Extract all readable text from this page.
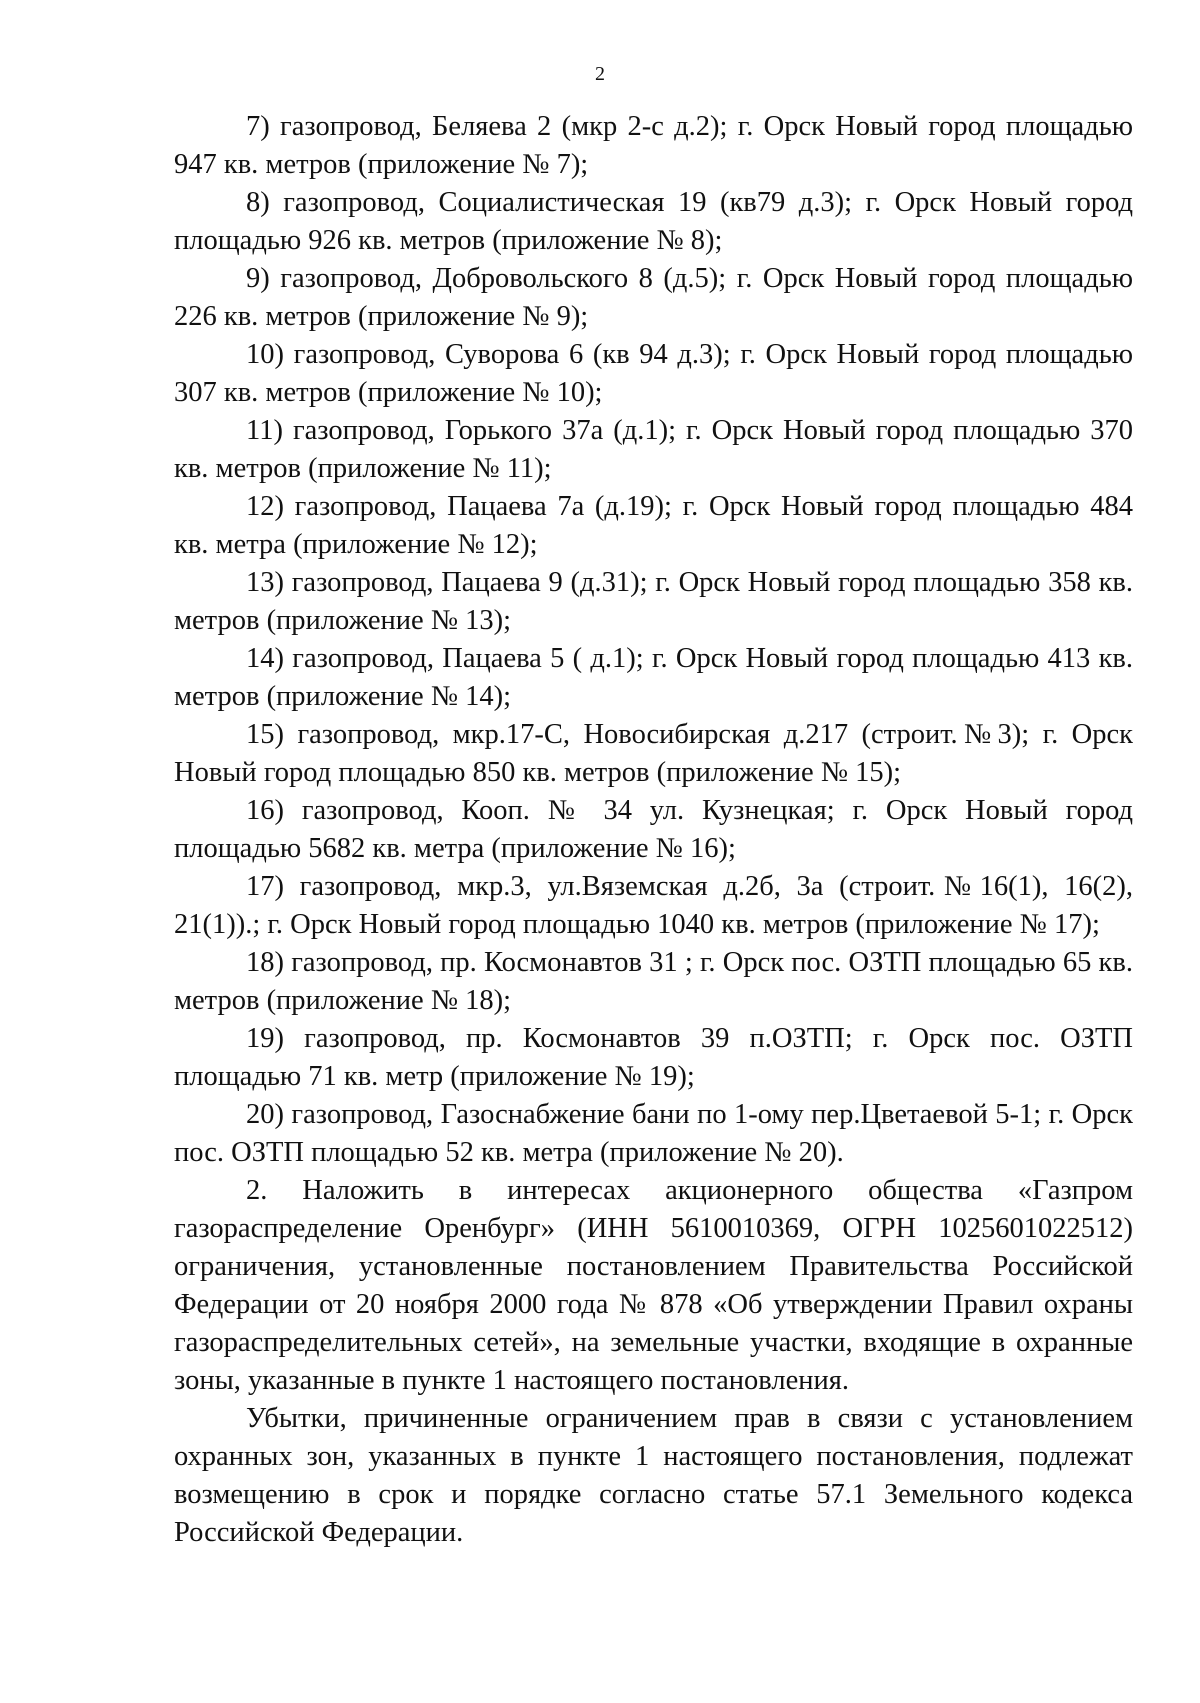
2

7) газопровод, Беляева 2 (мкр 2-с д.2); г. Орск Новый город площадью 947 кв. метров (приложение № 7);

8) газопровод, Социалистическая 19 (кв79 д.3); г. Орск Новый город площадью 926 кв. метров (приложение № 8);

9) газопровод, Добровольского 8 (д.5); г. Орск Новый город площадью 226 кв. метров (приложение № 9);

10) газопровод, Суворова 6 (кв 94 д.3); г. Орск Новый город площадью 307 кв. метров (приложение № 10);

11) газопровод, Горького 37а (д.1); г. Орск Новый город площадью 370 кв. метров (приложение № 11);

12) газопровод, Пацаева 7а (д.19); г. Орск Новый город площадью 484 кв. метра (приложение № 12);

13) газопровод, Пацаева 9 (д.31); г. Орск Новый город площадью 358 кв. метров (приложение № 13);

14) газопровод, Пацаева 5 ( д.1); г. Орск Новый город площадью 413 кв. метров (приложение № 14);

15) газопровод, мкр.17-С, Новосибирская д.217 (строит.№3); г. Орск Новый город площадью 850 кв. метров (приложение № 15);

16) газопровод, Кооп. № 34 ул. Кузнецкая; г. Орск Новый город площадью 5682 кв. метра (приложение № 16);

17) газопровод, мкр.3, ул.Вяземская д.2б, 3а (строит.№16(1), 16(2), 21(1)).; г. Орск Новый город площадью 1040 кв. метров (приложение № 17);

18) газопровод, пр. Космонавтов 31 ; г. Орск пос. ОЗТП площадью 65 кв. метров (приложение № 18);

19) газопровод, пр. Космонавтов 39 п.ОЗТП; г. Орск пос. ОЗТП площадью 71 кв. метр (приложение № 19);

20) газопровод, Газоснабжение бани по 1-ому пер.Цветаевой 5-1; г. Орск пос. ОЗТП площадью 52 кв. метра (приложение № 20).

2. Наложить в интересах акционерного общества «Газпром газораспределение Оренбург» (ИНН 5610010369, ОГРН 1025601022512) ограничения, установленные постановлением Правительства Российской Федерации от 20 ноября 2000 года № 878 «Об утверждении Правил охраны газораспределительных сетей», на земельные участки, входящие в охранные зоны, указанные в пункте 1 настоящего постановления.

Убытки, причиненные ограничением прав в связи с установлением охранных зон, указанных в пункте 1 настоящего постановления, подлежат возмещению в срок и порядке согласно статье 57.1 Земельного кодекса Российской Федерации.
